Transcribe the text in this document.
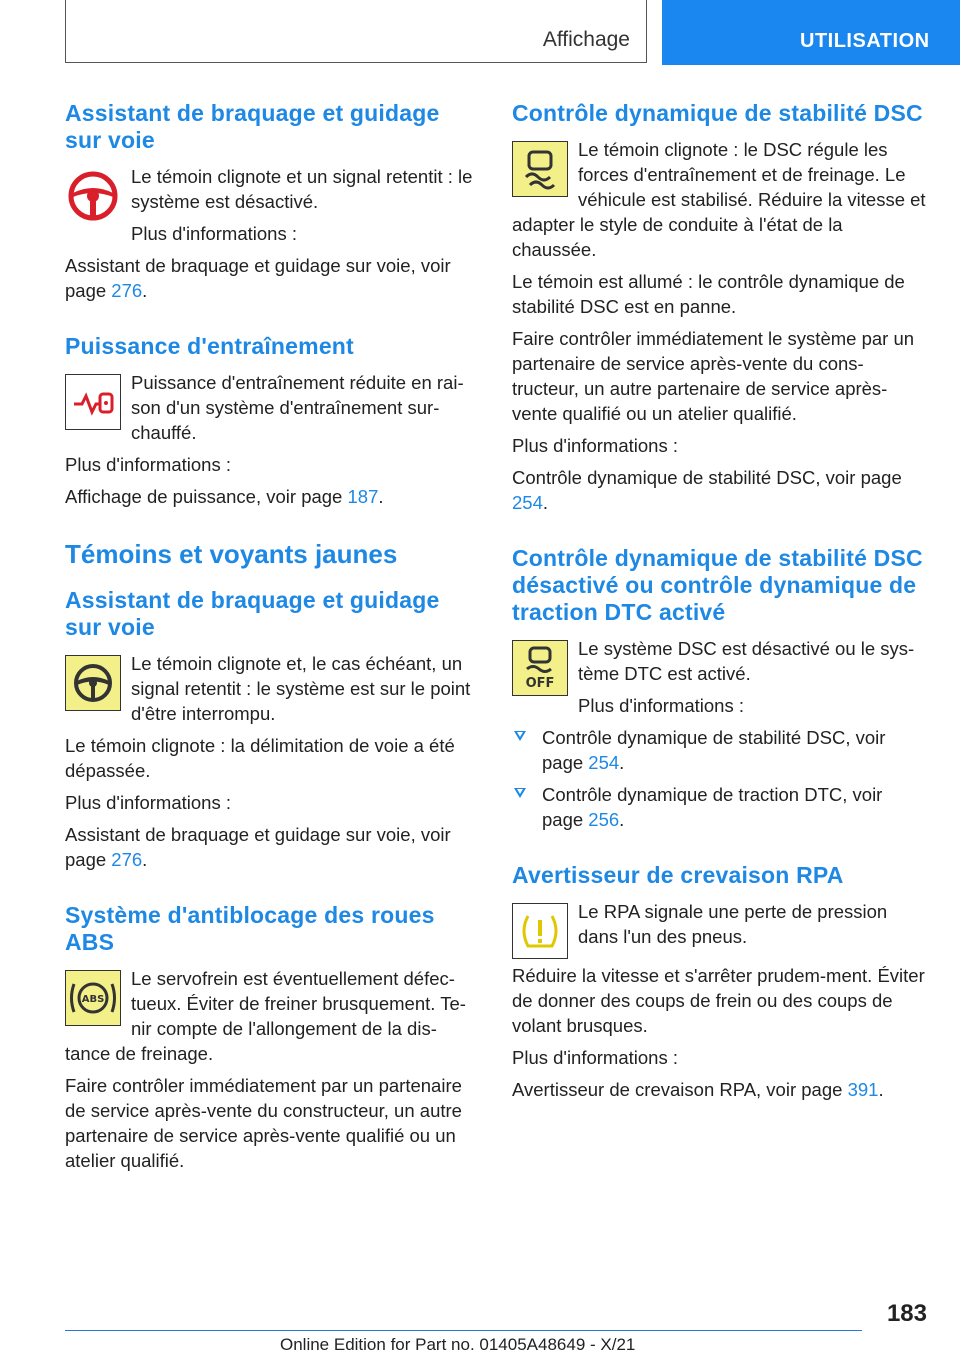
Affichage	UTILISATION
Assistant de braquage et guidage sur voie

Le témoin clignote et un signal retentit : le système est désactivé.

Plus d'informations :

Assistant de braquage et guidage sur voie, voir page 276.

Puissance d'entraînement

Puissance d'entraînement réduite en rai-son d'un système d'entraînement sur-chauffé.

Plus d'informations :

Affichage de puissance, voir page 187.

Témoins et voyants jaunes
Assistant de braquage et guidage sur voie

Le témoin clignote et, le cas échéant, un signal retentit : le système est sur le point d'être interrompu.

Le témoin clignote : la délimitation de voie a été dépassée.

Plus d'informations :

Assistant de braquage et guidage sur voie, voir page 276.

Système d'antiblocage des roues ABS
ABS

Le servofrein est éventuellement défec-tueux. Éviter de freiner brusquement. Te-nir compte de l'allongement de la dis-tance de freinage.

Faire contrôler immédiatement par un partenaire de service après-vente du constructeur, un autre partenaire de service après-vente qualifié ou un atelier qualifié.

Contrôle dynamique de stabilité DSC

Le témoin clignote : le DSC régule les forces d'entraînement et de freinage. Le véhicule est stabilisé. Réduire la vitesse et adapter le style de conduite à l'état de la chaussée.

Le témoin est allumé : le contrôle dynamique de stabilité DSC est en panne.

Faire contrôler immédiatement le système par un partenaire de service après-vente du cons-tructeur, un autre partenaire de service après-vente qualifié ou un atelier qualifié.

Plus d'informations :

Contrôle dynamique de stabilité DSC, voir page 254.

Contrôle dynamique de stabilité DSC désactivé ou contrôle dynamique de traction DTC activé
OFF

Le système DSC est désactivé ou le sys-tème DTC est activé.

Plus d'informations :

Contrôle dynamique de stabilité DSC, voir page 254.
Contrôle dynamique de traction DTC, voir page 256.
Avertisseur de crevaison RPA

Le RPA signale une perte de pression dans l'un des pneus.

Réduire la vitesse et s'arrêter prudem-ment. Éviter de donner des coups de frein ou des coups de volant brusques.

Plus d'informations :

Avertisseur de crevaison RPA, voir page 391.

183
Online Edition for Part no. 01405A48649 - X/21
